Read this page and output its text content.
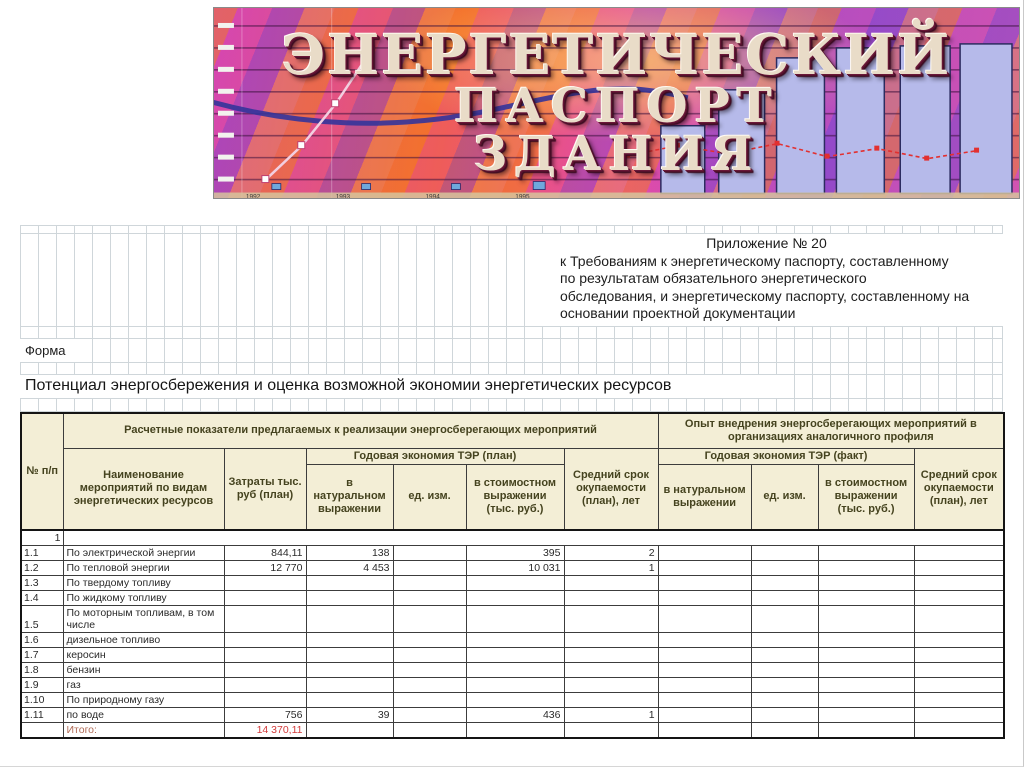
1992	1993	1994	1995
ЭНЕРГЕТИЧЕСКИЙ
ПАСПОРТ
ЗДАНИЯ
Приложение № 20
к Требованиям к энергетическому паспорту, составленному
по результатам обязательного энергетического
обследования, и энергетическому паспорту, составленному на
основании проектной документации
Форма
Потенциал энергосбережения и оценка возможной экономии энергетических ресурсов
№ п/п	Расчетные показатели предлагаемых к реализации энергосберегающих мероприятий						Опыт внедрения энергосберегающих мероприятий в организациях аналогичного профиля			
	Наименование мероприятий по видам энергетических ресурсов	Затраты тыс. руб (план)	Годовая экономия ТЭР (план)			Средний срок окупаемости (план), лет	Годовая экономия ТЭР (факт)			Средний срок окупаемости (план), лет
			в натуральном выражении	ед. изм.	в стоимостном выражении (тыс. руб.)		в натуральном выражении	ед. изм.	в стоимостном выражении (тыс. руб.)	
1										
1.1	По электрической энергии	844,11	138		395	2				
1.2	По тепловой энергии	12 770	4 453		10 031	1				
1.3	По твердому топливу									
1.4	По жидкому топливу									
1.5	По моторным топливам, в том числе									
1.6	дизельное топливо									
1.7	керосин									
1.8	бензин									
1.9	газ									
1.10	По природному газу									
1.11	по воде	756	39		436	1				
	Итого:	14 370,11								
